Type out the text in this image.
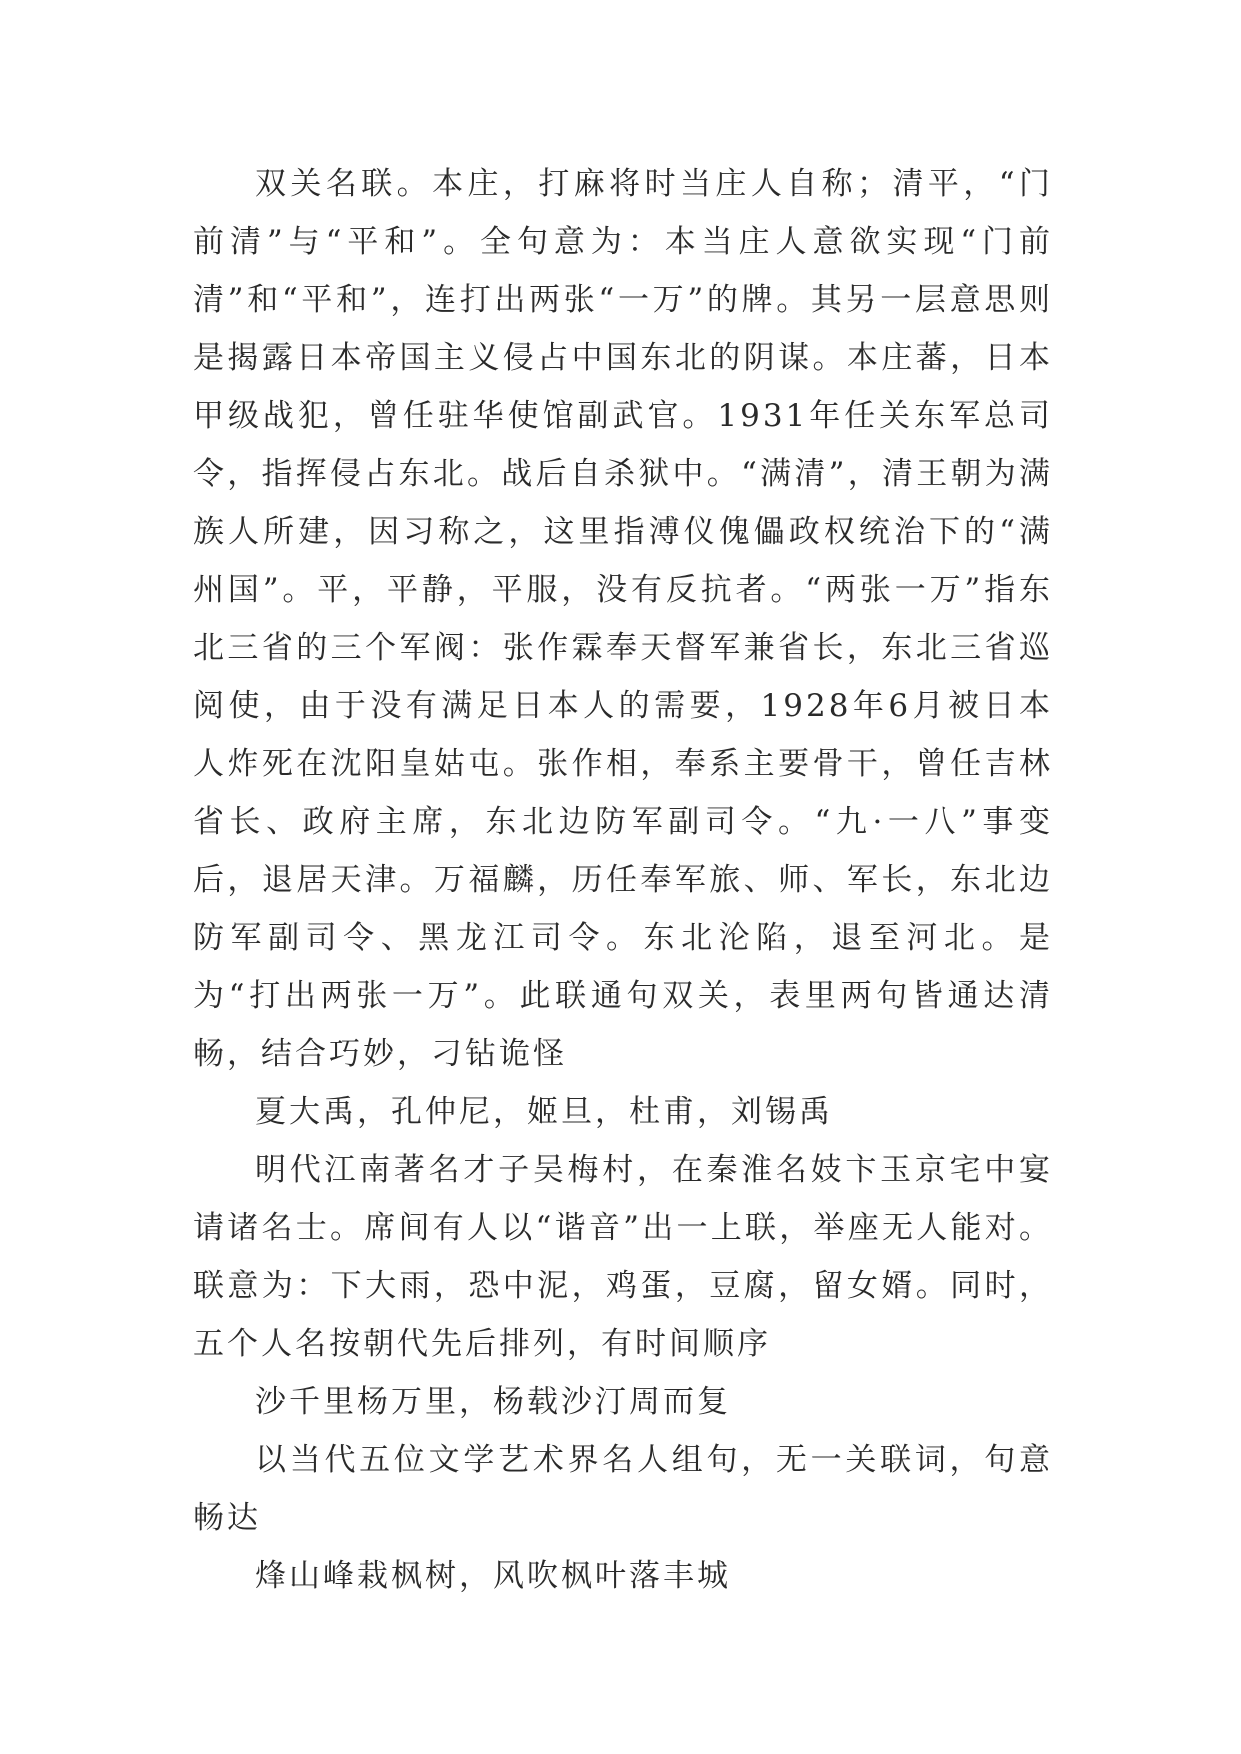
双关名联。本庄，打麻将时当庄人自称；清平，“门前清”与“平和”。全句意为：本当庄人意欲实现“门前清”和“平和”，连打出两张“一万”的牌。其另一层意思则是揭露日本帝国主义侵占中国东北的阴谋。本庄蕃，日本甲级战犯，曾任驻华使馆副武官。1931年任关东军总司令，指挥侵占东北。战后自杀狱中。“满清”，清王朝为满族人所建，因习称之，这里指溥仪傀儡政权统治下的“满州国”。平，平静，平服，没有反抗者。“两张一万”指东北三省的三个军阀：张作霖奉天督军兼省长，东北三省巡阅使，由于没有满足日本人的需要，1928年6月被日本人炸死在沈阳皇姑屯。张作相，奉系主要骨干，曾任吉林省长、政府主席，东北边防军副司令。“九·一八”事变后，退居天津。万福麟，历任奉军旅、师、军长，东北边防军副司令、黑龙江司令。东北沦陷，退至河北。是为“打出两张一万”。此联通句双关，表里两句皆通达清畅，结合巧妙，刁钻诡怪

夏大禹，孔仲尼，姬旦，杜甫，刘锡禹

明代江南著名才子吴梅村，在秦淮名妓卞玉京宅中宴请诸名士。席间有人以“谐音”出一上联，举座无人能对。联意为：下大雨，恐中泥，鸡蛋，豆腐，留女婿。同时，五个人名按朝代先后排列，有时间顺序

沙千里杨万里，杨载沙汀周而复

以当代五位文学艺术界名人组句，无一关联词，句意畅达

烽山峰栽枫树，风吹枫叶落丰城
